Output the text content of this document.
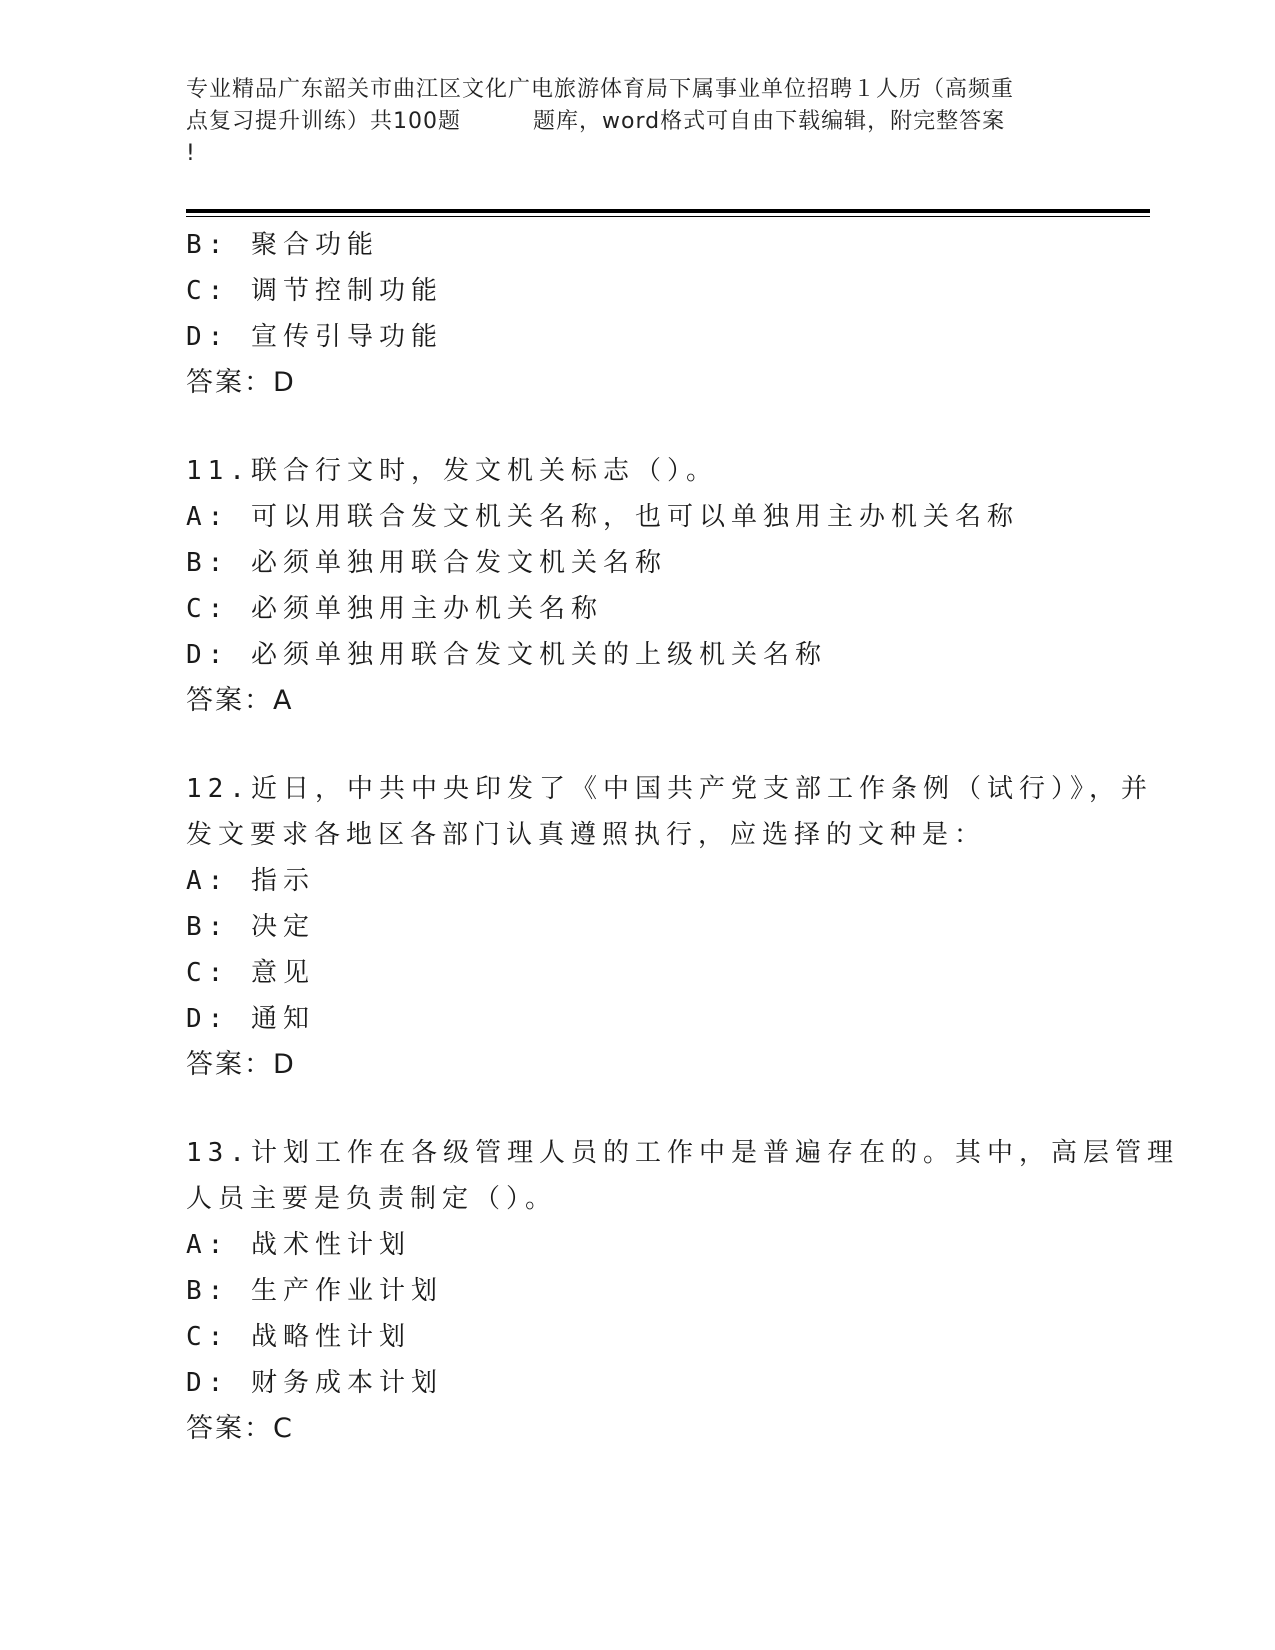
专业精品广东韶关市曲江区文化广电旅游体育局下属事业单位招聘１人历（高频重
点复习提升训练）共100题	题库，word格式可自由下载编辑，附完整答案
!
B: 聚合功能
C: 调节控制功能
D: 宣传引导功能
答案：D
11.联合行文时，发文机关标志（）。
A: 可以用联合发文机关名称，也可以单独用主办机关名称
B: 必须单独用联合发文机关名称
C: 必须单独用主办机关名称
D: 必须单独用联合发文机关的上级机关名称
答案：A
12.近日，中共中央印发了《中国共产党支部工作条例（试行）》，并
发文要求各地区各部门认真遵照执行，应选择的文种是：
A: 指示
B: 决定
C: 意见
D: 通知
答案：D
13.计划工作在各级管理人员的工作中是普遍存在的。其中，高层管理
人员主要是负责制定（）。
A: 战术性计划
B: 生产作业计划
C: 战略性计划
D: 财务成本计划
答案：C
